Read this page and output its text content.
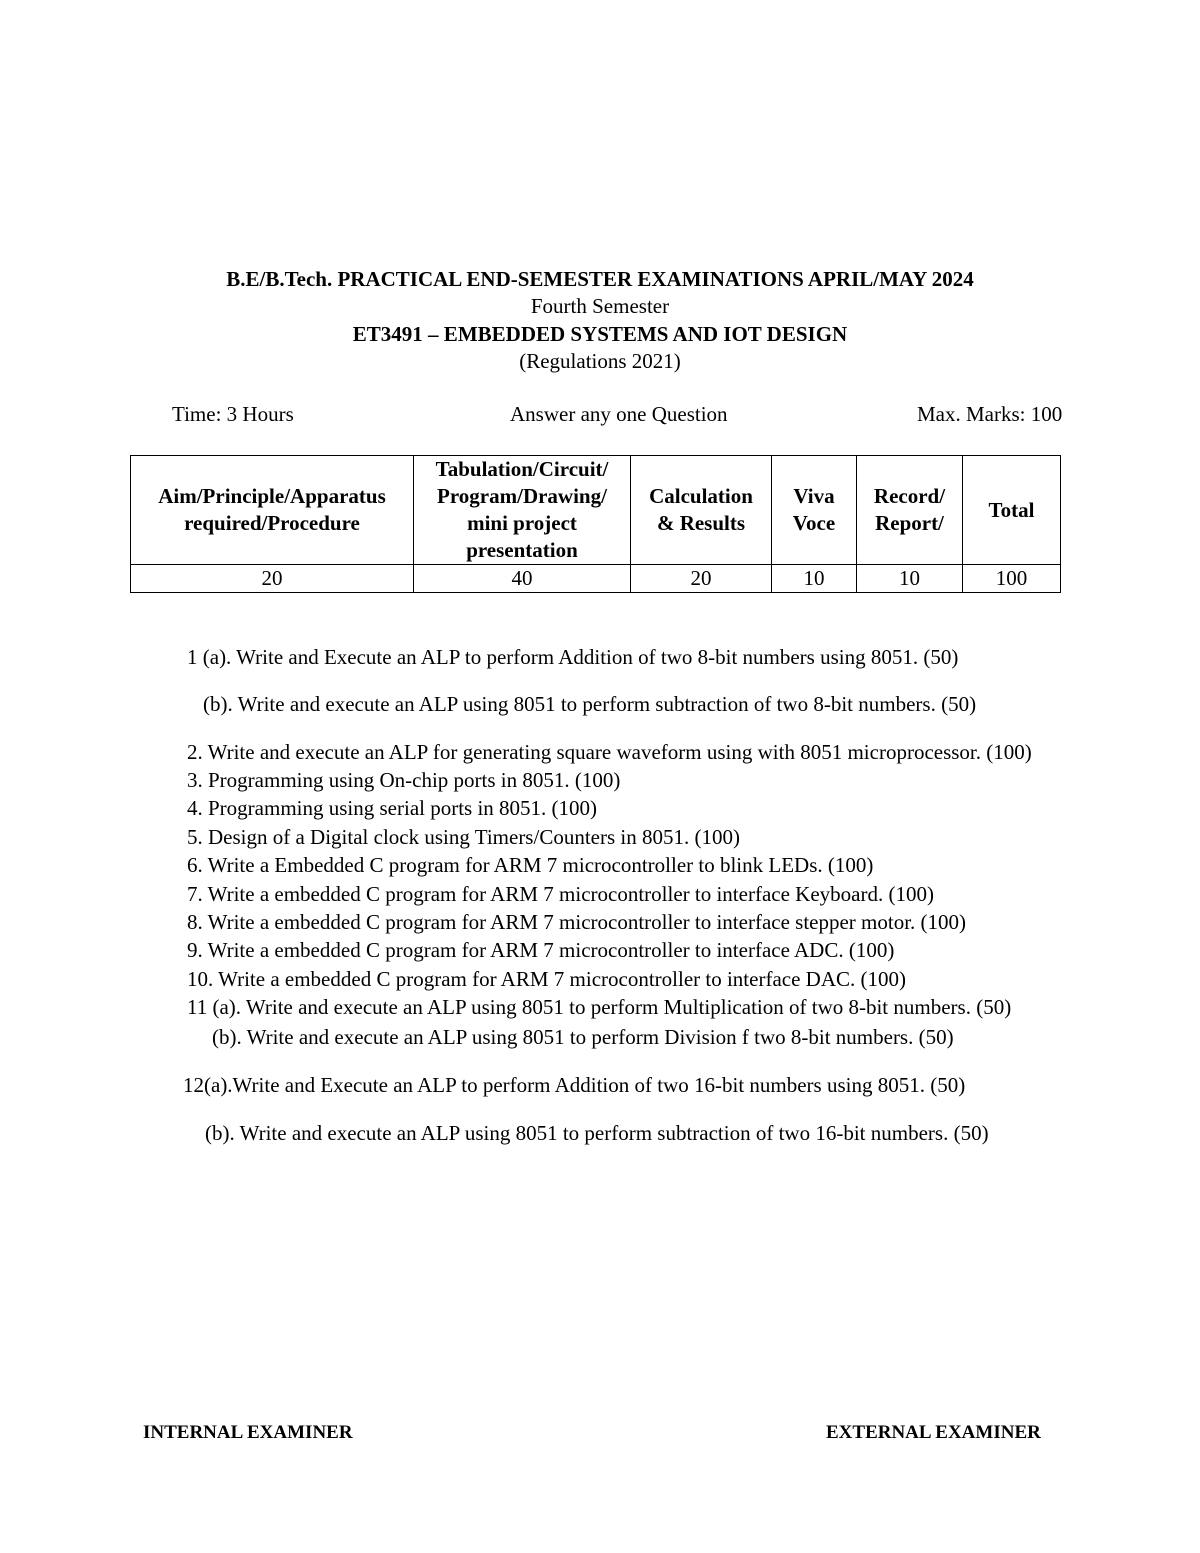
B.E/B.Tech. PRACTICAL END-SEMESTER EXAMINATIONS APRIL/MAY 2024
Fourth Semester
ET3491 – EMBEDDED SYSTEMS AND IOT DESIGN
(Regulations 2021)
Time: 3 Hours	Answer any one Question	Max. Marks: 100
Aim/Principle/Apparatus
required/Procedure	Tabulation/Circuit/
Program/Drawing/
mini project
presentation	Calculation
& Results	Viva
Voce	Record/
Report/	Total
20	40	20	10	10	100
1 (a). Write and Execute an ALP to perform Addition of two 8-bit numbers using 8051. (50)
(b). Write and execute an ALP using 8051 to perform subtraction of two 8-bit numbers. (50)
2. Write and execute an ALP for generating square waveform using with 8051 microprocessor. (100)
3. Programming using On-chip ports in 8051. (100)
4. Programming using serial ports in 8051. (100)
5. Design of a Digital clock using Timers/Counters in 8051. (100)
6. Write a Embedded C program for ARM 7 microcontroller to blink LEDs. (100)
7. Write a embedded C program for ARM 7 microcontroller to interface Keyboard. (100)
8. Write a embedded C program for ARM 7 microcontroller to interface stepper motor. (100)
9. Write a embedded C program for ARM 7 microcontroller to interface ADC. (100)
10. Write a embedded C program for ARM 7 microcontroller to interface DAC. (100)
11 (a). Write and execute an ALP using 8051 to perform Multiplication of two 8-bit numbers. (50)
(b). Write and execute an ALP using 8051 to perform Division f two 8-bit numbers. (50)
12(a).Write and Execute an ALP to perform Addition of two 16-bit numbers using 8051. (50)
(b). Write and execute an ALP using 8051 to perform subtraction of two 16-bit numbers. (50)
INTERNAL EXAMINER	EXTERNAL EXAMINER
